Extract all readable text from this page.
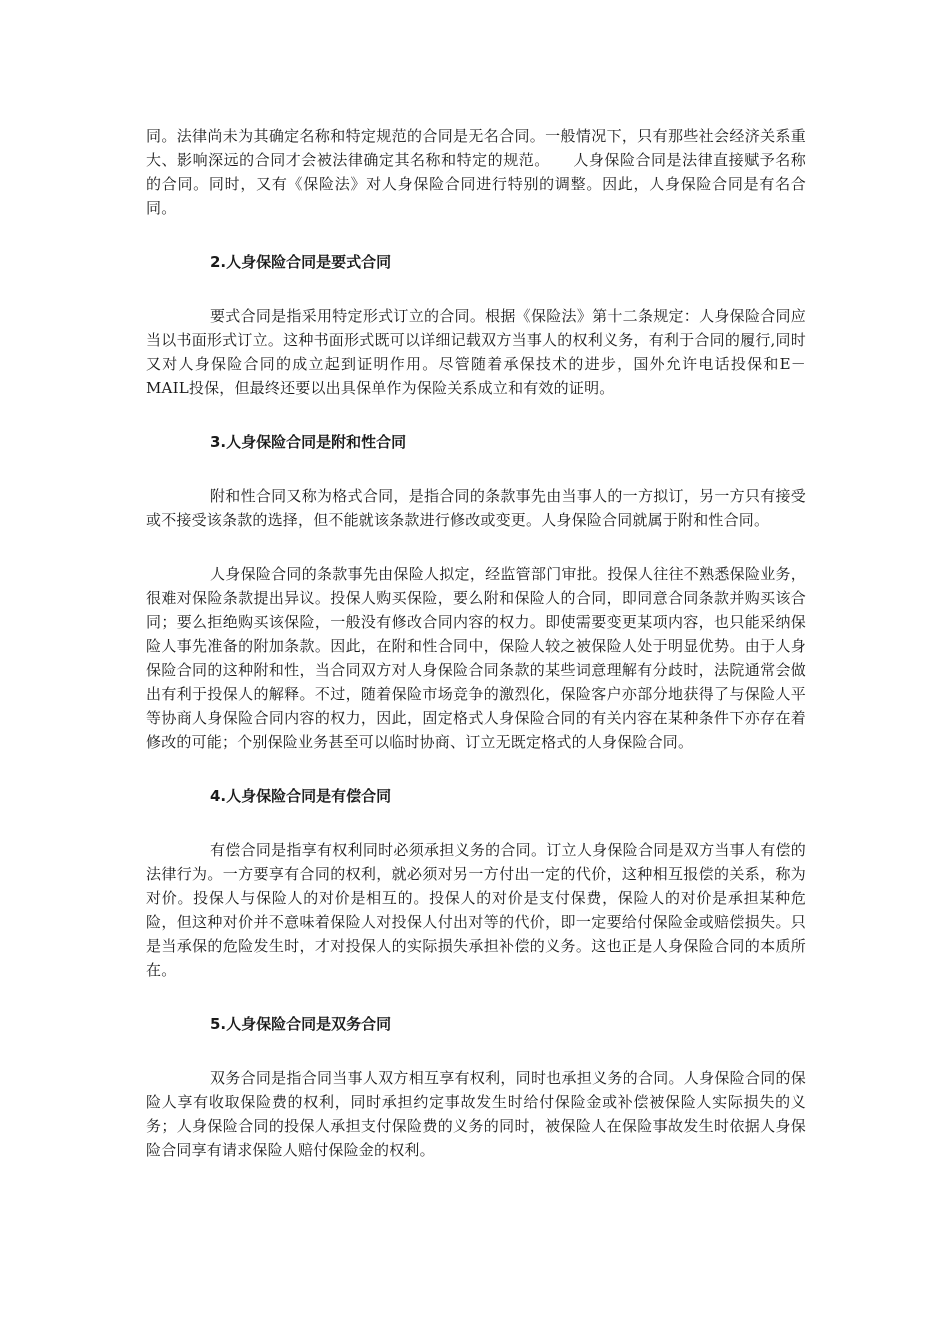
同。法律尚未为其确定名称和特定规范的合同是无名合同。一般情况下，只有那些社会经济关系重大、影响深远的合同才会被法律确定其名称和特定的规范。　　人身保险合同是法律直接赋予名称的合同。同时，又有《保险法》对人身保险合同进行特别的调整。因此，人身保险合同是有名合同。

2.人身保险合同是要式合同

要式合同是指采用特定形式订立的合同。根据《保险法》第十二条规定：人身保险合同应当以书面形式订立。这种书面形式既可以详细记载双方当事人的权利义务，有利于合同的履行,同时又对人身保险合同的成立起到证明作用。尽管随着承保技术的进步，国外允许电话投保和E－MAIL投保，但最终还要以出具保单作为保险关系成立和有效的证明。

3.人身保险合同是附和性合同

附和性合同又称为格式合同，是指合同的条款事先由当事人的一方拟订，另一方只有接受或不接受该条款的选择，但不能就该条款进行修改或变更。人身保险合同就属于附和性合同。

人身保险合同的条款事先由保险人拟定，经监管部门审批。投保人往往不熟悉保险业务，很难对保险条款提出异议。投保人购买保险，要么附和保险人的合同，即同意合同条款并购买该合同；要么拒绝购买该保险，一般没有修改合同内容的权力。即使需要变更某项内容，也只能采纳保险人事先准备的附加条款。因此，在附和性合同中，保险人较之被保险人处于明显优势。由于人身保险合同的这种附和性，当合同双方对人身保险合同条款的某些词意理解有分歧时，法院通常会做出有利于投保人的解释。不过，随着保险市场竞争的激烈化，保险客户亦部分地获得了与保险人平等协商人身保险合同内容的权力，因此，固定格式人身保险合同的有关内容在某种条件下亦存在着修改的可能；个别保险业务甚至可以临时协商、订立无既定格式的人身保险合同。

4.人身保险合同是有偿合同

有偿合同是指享有权利同时必须承担义务的合同。订立人身保险合同是双方当事人有偿的法律行为。一方要享有合同的权利，就必须对另一方付出一定的代价，这种相互报偿的关系，称为对价。投保人与保险人的对价是相互的。投保人的对价是支付保费，保险人的对价是承担某种危险，但这种对价并不意味着保险人对投保人付出对等的代价，即一定要给付保险金或赔偿损失。只是当承保的危险发生时，才对投保人的实际损失承担补偿的义务。这也正是人身保险合同的本质所在。

5.人身保险合同是双务合同

双务合同是指合同当事人双方相互享有权利，同时也承担义务的合同。人身保险合同的保险人享有收取保险费的权利，同时承担约定事故发生时给付保险金或补偿被保险人实际损失的义务；人身保险合同的投保人承担支付保险费的义务的同时，被保险人在保险事故发生时依据人身保险合同享有请求保险人赔付保险金的权利。
